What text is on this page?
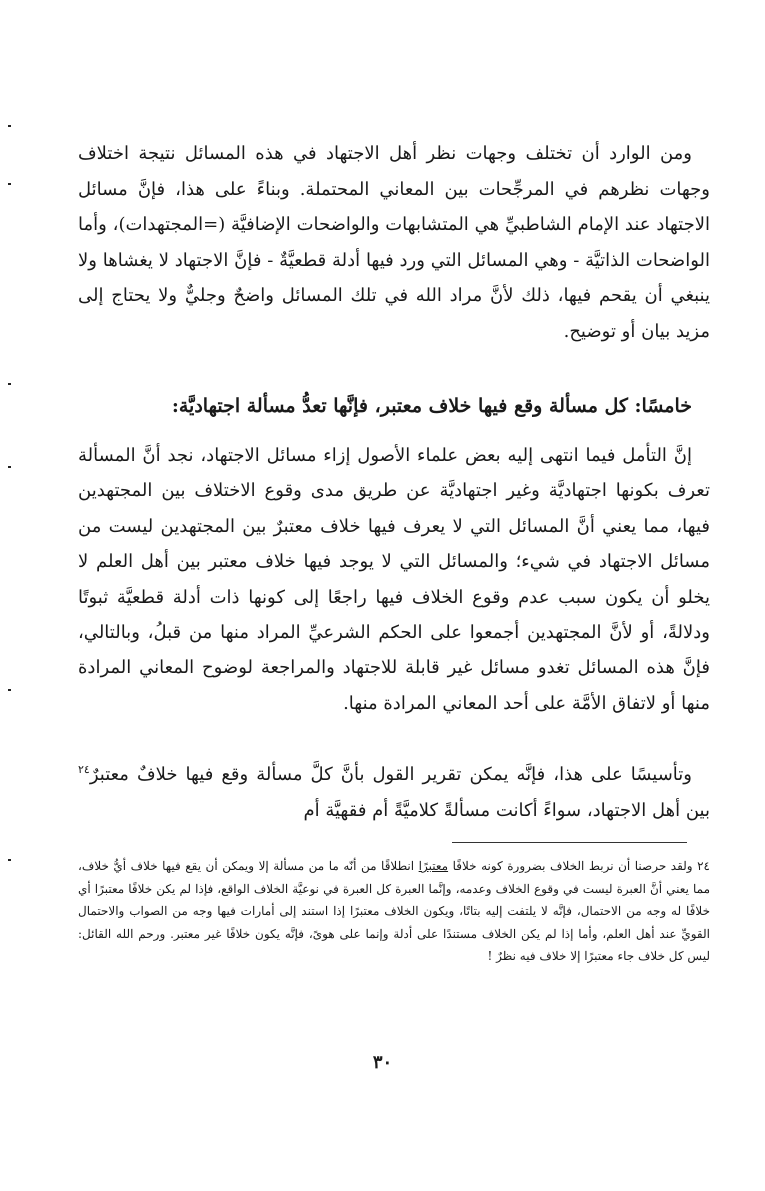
ومن الوارد أن تختلف وجهات نظر أهل الاجتهاد في هذه المسائل نتيجة اختلاف وجهات نظرهم في المرجِّحات بين المعاني المحتملة. وبناءً على هذا، فإنَّ مسائل الاجتهاد عند الإمام الشاطبيِّ هي المتشابهات والواضحات الإضافيَّة (=المجتهدات)، وأما الواضحات الذاتيَّة - وهي المسائل التي ورد فيها أدلة قطعيَّةٌ - فإنَّ الاجتهاد لا يغشاها ولا ينبغي أن يقحم فيها، ذلك لأنَّ مراد الله في تلك المسائل واضحٌ وجليٌّ ولا يحتاج إلى مزيد بيان أو توضيح.
خامسًا: كل مسألة وقع فيها خلاف معتبر، فإنَّها تعدُّ مسألة اجتهاديَّة:
إنَّ التأمل فيما انتهى إليه بعض علماء الأصول إزاء مسائل الاجتهاد، نجد أنَّ المسألة تعرف بكونها اجتهاديَّة وغير اجتهاديَّة عن طريق مدى وقوع الاختلاف بين المجتهدين فيها، مما يعني أنَّ المسائل التي لا يعرف فيها خلاف معتبرٌ بين المجتهدين ليست من مسائل الاجتهاد في شيء؛ والمسائل التي لا يوجد فيها خلاف معتبر بين أهل العلم لا يخلو أن يكون سبب عدم وقوع الخلاف فيها راجعًا إلى كونها ذات أدلة قطعيَّة ثبوتًا ودلالةً، أو لأنَّ المجتهدين أجمعوا على الحكم الشرعيِّ المراد منها من قبلُ، وبالتالي، فإنَّ هذه المسائل تغدو مسائل غير قابلة للاجتهاد والمراجعة لوضوح المعاني المرادة منها أو لاتفاق الأمَّة على أحد المعاني المرادة منها.
وتأسيسًا على هذا، فإنَّه يمكن تقرير القول بأنَّ كلَّ مسألة وقع فيها خلافٌ معتبرٌ$^{٢٤}$ بين أهل الاجتهاد، سواءً أكانت مسألةً كلاميَّةً أم فقهيَّة أم
٢٤ ولقد حرصنا أن نربط الخلاف بضرورة كونه خلافًا معتبرًا انطلاقًا من أنّه ما من مسألة إلا ويمكن أن يقع فيها خلاف أيُّ خلاف، مما يعني أنَّ العبرة ليست في وقوع الخلاف وعدمه، وإنَّما العبرة كل العبرة في نوعيَّة الخلاف الواقع، فإذا لم يكن خلافًا معتبرًا أي خلافًا له وجه من الاحتمال، فإنَّه لا يلتفت إليه بتاتًا، ويكون الخلاف معتبرًا إذا استند إلى أمارات فيها وجه من الصواب والاحتمال القويِّ عند أهل العلم، وأما إذا لم يكن الخلاف مستندًا على أدلة وإنما على هوىً، فإنَّه يكون خلافًا غير معتبر. ورحم الله القائل: ليس كل خلاف جاء معتبرًا إلا خلاف فيه نظرٌ !
٣٠
